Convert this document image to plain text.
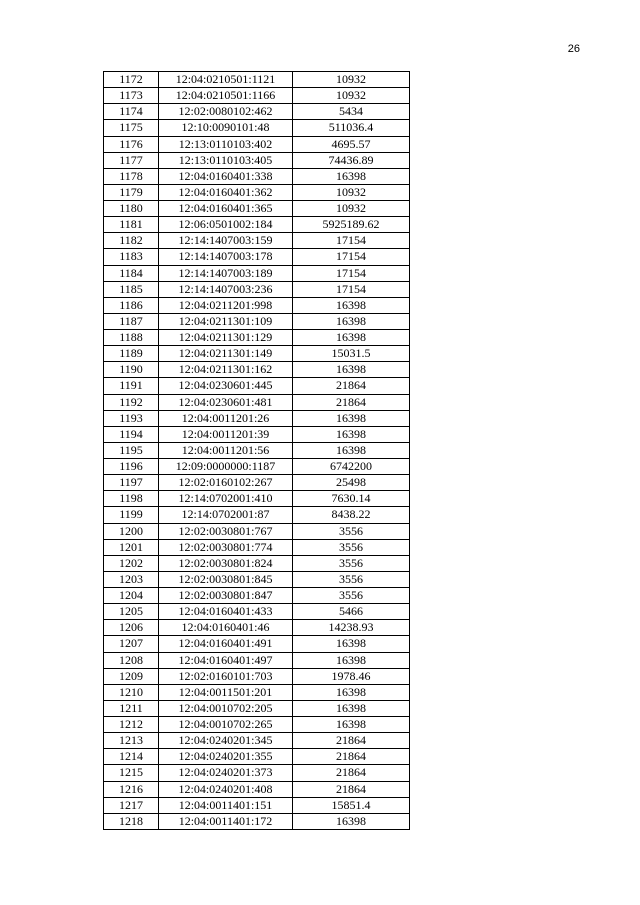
26
1172	12:04:0210501:1121	10932
1173	12:04:0210501:1166	10932
1174	12:02:0080102:462	5434
1175	12:10:0090101:48	511036.4
1176	12:13:0110103:402	4695.57
1177	12:13:0110103:405	74436.89
1178	12:04:0160401:338	16398
1179	12:04:0160401:362	10932
1180	12:04:0160401:365	10932
1181	12:06:0501002:184	5925189.62
1182	12:14:1407003:159	17154
1183	12:14:1407003:178	17154
1184	12:14:1407003:189	17154
1185	12:14:1407003:236	17154
1186	12:04:0211201:998	16398
1187	12:04:0211301:109	16398
1188	12:04:0211301:129	16398
1189	12:04:0211301:149	15031.5
1190	12:04:0211301:162	16398
1191	12:04:0230601:445	21864
1192	12:04:0230601:481	21864
1193	12:04:0011201:26	16398
1194	12:04:0011201:39	16398
1195	12:04:0011201:56	16398
1196	12:09:0000000:1187	6742200
1197	12:02:0160102:267	25498
1198	12:14:0702001:410	7630.14
1199	12:14:0702001:87	8438.22
1200	12:02:0030801:767	3556
1201	12:02:0030801:774	3556
1202	12:02:0030801:824	3556
1203	12:02:0030801:845	3556
1204	12:02:0030801:847	3556
1205	12:04:0160401:433	5466
1206	12:04:0160401:46	14238.93
1207	12:04:0160401:491	16398
1208	12:04:0160401:497	16398
1209	12:02:0160101:703	1978.46
1210	12:04:0011501:201	16398
1211	12:04:0010702:205	16398
1212	12:04:0010702:265	16398
1213	12:04:0240201:345	21864
1214	12:04:0240201:355	21864
1215	12:04:0240201:373	21864
1216	12:04:0240201:408	21864
1217	12:04:0011401:151	15851.4
1218	12:04:0011401:172	16398
